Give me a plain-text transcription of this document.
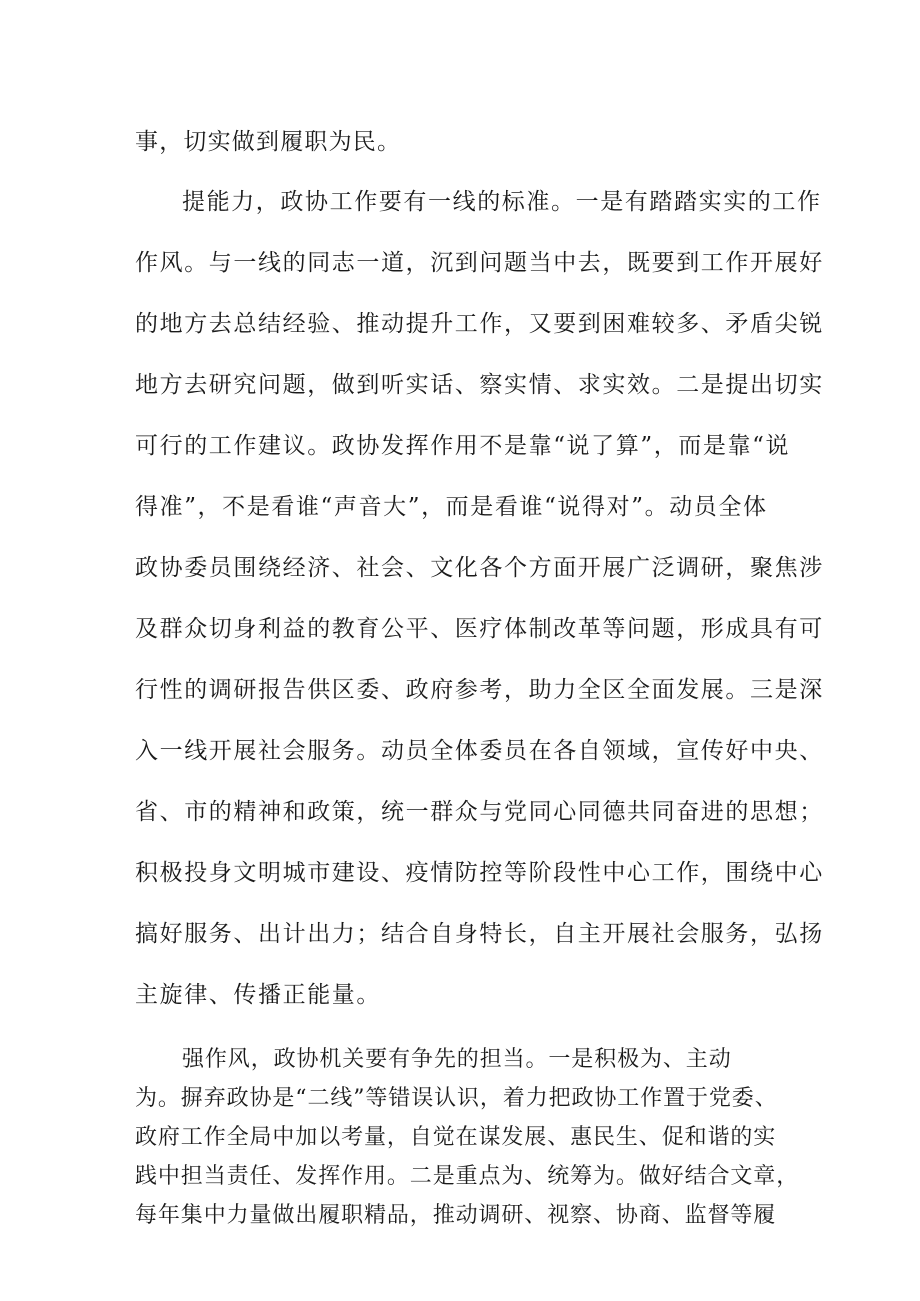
事，切实做到履职为民。
提能力，政协工作要有一线的标准。一是有踏踏实实的工作
作风。与一线的同志一道，沉到问题当中去，既要到工作开展好
的地方去总结经验、推动提升工作，又要到困难较多、矛盾尖锐
地方去研究问题，做到听实话、察实情、求实效。二是提出切实
可行的工作建议。政协发挥作用不是靠“说了算”，而是靠“说
得准”，不是看谁“声音大”，而是看谁“说得对”。动员全体
政协委员围绕经济、社会、文化各个方面开展广泛调研，聚焦涉
及群众切身利益的教育公平、医疗体制改革等问题，形成具有可
行性的调研报告供区委、政府参考，助力全区全面发展。三是深
入一线开展社会服务。动员全体委员在各自领域，宣传好中央、
省、市的精神和政策，统一群众与党同心同德共同奋进的思想；
积极投身文明城市建设、疫情防控等阶段性中心工作，围绕中心
搞好服务、出计出力；结合自身特长，自主开展社会服务，弘扬
主旋律、传播正能量。
强作风，政协机关要有争先的担当。一是积极为、主动
为。摒弃政协是“二线”等错误认识，着力把政协工作置于党委、
政府工作全局中加以考量，自觉在谋发展、惠民生、促和谐的实
践中担当责任、发挥作用。二是重点为、统筹为。做好结合文章，
每年集中力量做出履职精品，推动调研、视察、协商、监督等履
